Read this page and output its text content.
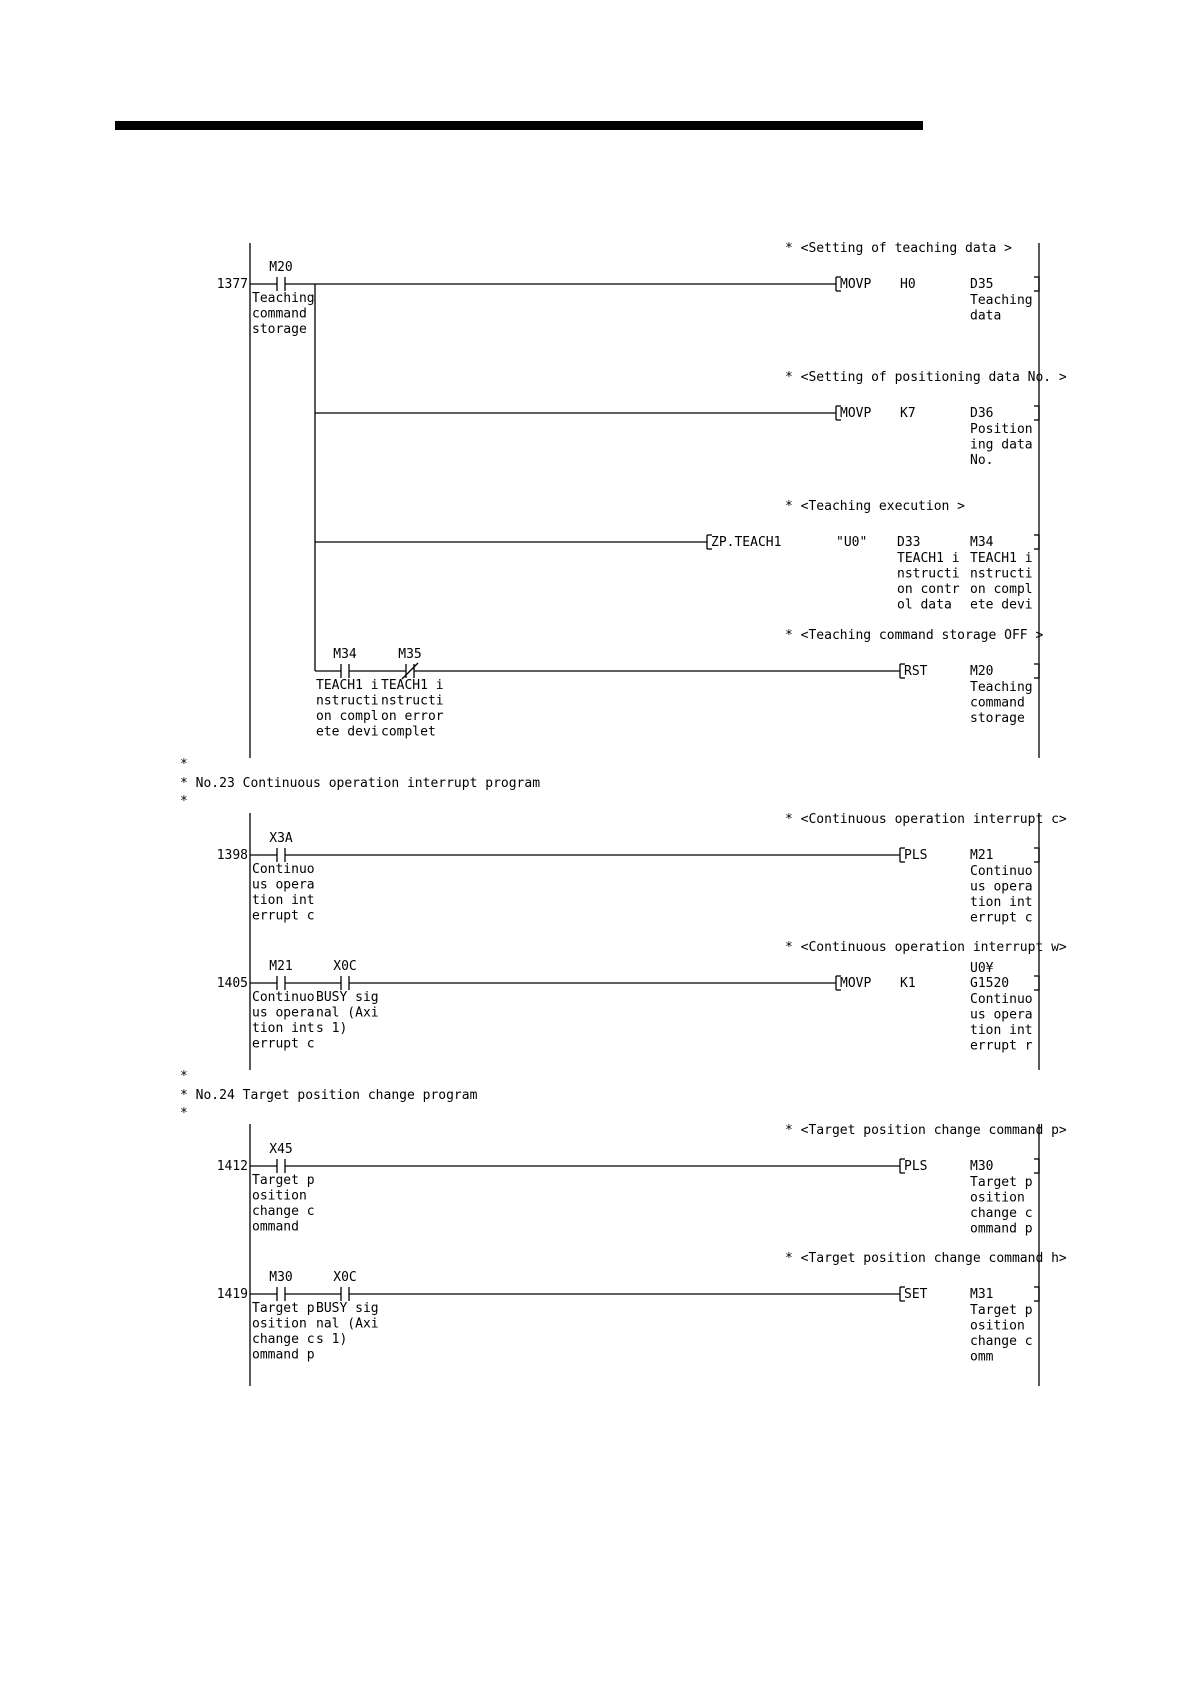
*
* No.23 Continuous operation interrupt program
*
*
* No.24 Target position change program
*
1377
M20
Teaching
command
storage
* <Setting of teaching data >
MOVP H0	D35
Teaching
data
* <Setting of positioning data No. >
MOVP K7	D36
Position
ing data
No.
* <Teaching execution >
ZP.TEACH1	"U0" D33
TEACH1 i
nstructi
on contr
ol data
M34
TEACH1 i
nstructi
on compl
ete devi
* <Teaching command storage OFF >
M34
TEACH1 i
nstructi
on compl
ete devi
M35
TEACH1 i
nstructi
on error
complet
RST	M20
Teaching
command
storage
1398
* <Continuous operation interrupt c>
X3A
Continuo
us opera
tion int
errupt c
PLS	M21
Continuo
us opera
tion int
errupt c
1405
* <Continuous operation interrupt w>
M21
Continuo
us opera
tion int
errupt c
X0C
BUSY sig
nal (Axi
s 1)
MOVP K1
U0¥
G1520
Continuo
us opera
tion int
errupt r
1412
* <Target position change command p>
X45
Target p
osition
change c
ommand
PLS	M30
Target p
osition
change c
ommand p
1419
* <Target position change command h>
M30
Target p
osition
change c
ommand p
X0C
BUSY sig
nal (Axi
s 1)
SET	M31
Target p
osition
change c
omm
